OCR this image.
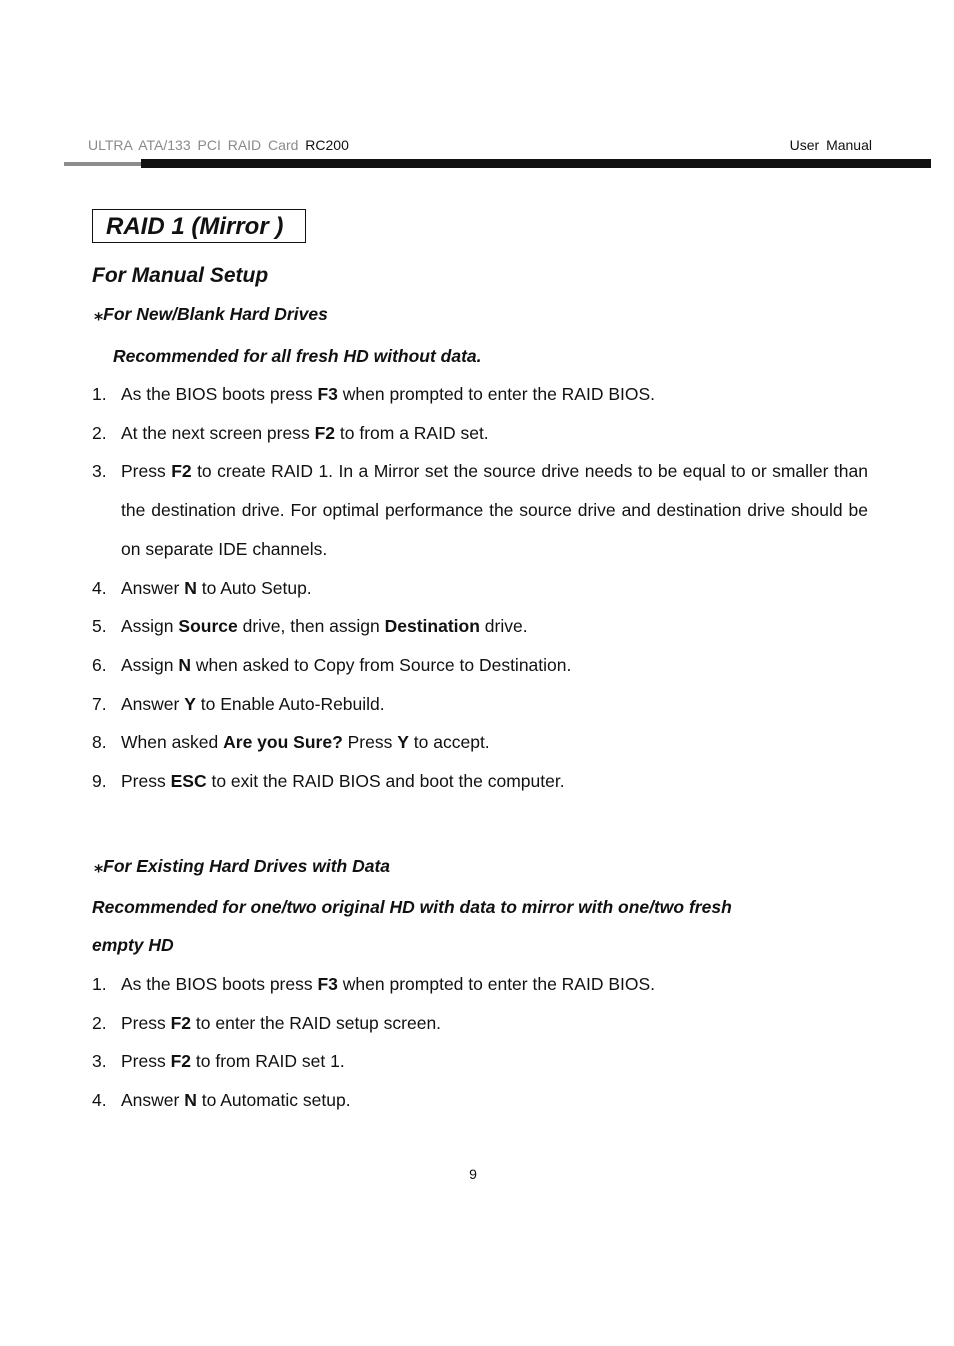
ULTRA ATA/133 PCI RAID Card RC200	User Manual
RAID 1 (Mirror )
For Manual Setup
⁎For New/Blank Hard Drives
Recommended for all fresh HD without data.
1. As the BIOS boots press F3 when prompted to enter the RAID BIOS.
2. At the next screen press F2 to from a RAID set.
3. Press F2 to create RAID 1. In a Mirror set the source drive needs to be equal to or smaller than the destination drive. For optimal performance the source drive and destination drive should be on separate IDE channels.
4. Answer N to Auto Setup.
5. Assign Source drive, then assign Destination drive.
6. Assign N when asked to Copy from Source to Destination.
7. Answer Y to Enable Auto-Rebuild.
8. When asked Are you Sure? Press Y to accept.
9. Press ESC to exit the RAID BIOS and boot the computer.
⁎For Existing Hard Drives with Data
Recommended for one/two original HD with data to mirror with one/two fresh
empty HD
1. As the BIOS boots press F3 when prompted to enter the RAID BIOS.
2. Press F2 to enter the RAID setup screen.
3. Press F2 to from RAID set 1.
4. Answer N to Automatic setup.
9
